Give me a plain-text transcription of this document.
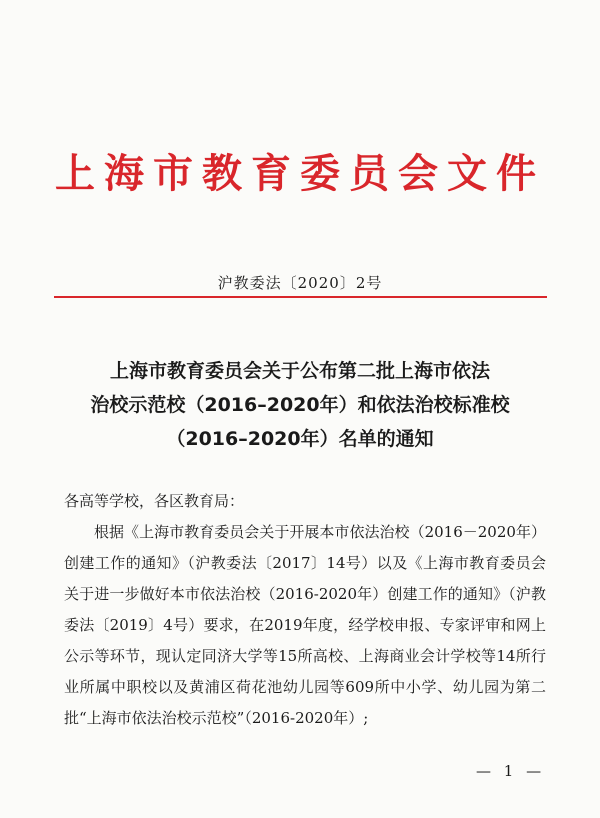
上海市教育委员会文件
沪教委法〔2020〕2号
上海市教育委员会关于公布第二批上海市依法
治校示范校（2016–2020年）和依法治校标准校
（2016–2020年）名单的通知
各高等学校，各区教育局：
根据《上海市教育委员会关于开展本市依法治校（2016－2020年）创建工作的通知》（沪教委法〔2017〕14号）以及《上海市教育委员会关于进一步做好本市依法治校（2016-2020年）创建工作的通知》（沪教委法〔2019〕4号）要求，在2019年度，经学校申报、专家评审和网上公示等环节，现认定同济大学等15所高校、上海商业会计学校等14所行业所属中职校以及黄浦区荷花池幼儿园等609所中小学、幼儿园为第二批“上海市依法治校示范校”（2016-2020年）;
— 1 —
